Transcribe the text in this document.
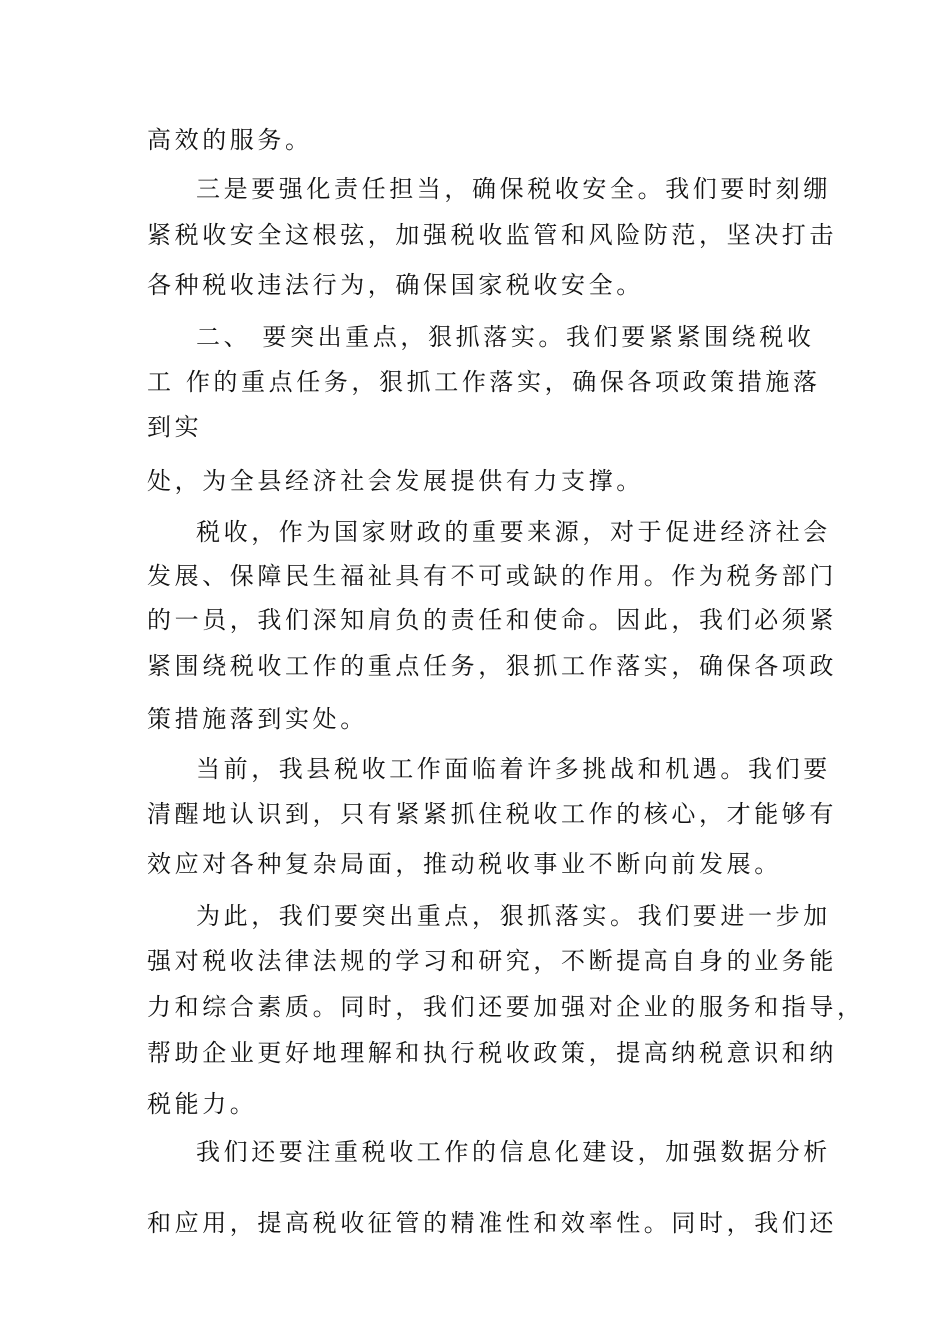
高效的服务。
三是要强化责任担当，确保税收安全。我们要时刻绷
紧税收安全这根弦，加强税收监管和风险防范，坚决打击
各种税收违法行为，确保国家税收安全。
二、 要突出重点，狠抓落实。我们要紧紧围绕税收
工 作的重点任务，狠抓工作落实，确保各项政策措施落
到实
处，为全县经济社会发展提供有力支撑。
税收，作为国家财政的重要来源，对于促进经济社会
发展、保障民生福祉具有不可或缺的作用。作为税务部门
的一员，我们深知肩负的责任和使命。因此，我们必须紧
紧围绕税收工作的重点任务，狠抓工作落实，确保各项政
策措施落到实处。
当前，我县税收工作面临着许多挑战和机遇。我们要
清醒地认识到，只有紧紧抓住税收工作的核心，才能够有
效应对各种复杂局面，推动税收事业不断向前发展。
为此，我们要突出重点，狠抓落实。我们要进一步加
强对税收法律法规的学习和研究，不断提高自身的业务能
力和综合素质。同时，我们还要加强对企业的服务和指导，
帮助企业更好地理解和执行税收政策，提高纳税意识和纳
税能力。
我们还要注重税收工作的信息化建设，加强数据分析
和应用，提高税收征管的精准性和效率性。同时，我们还
